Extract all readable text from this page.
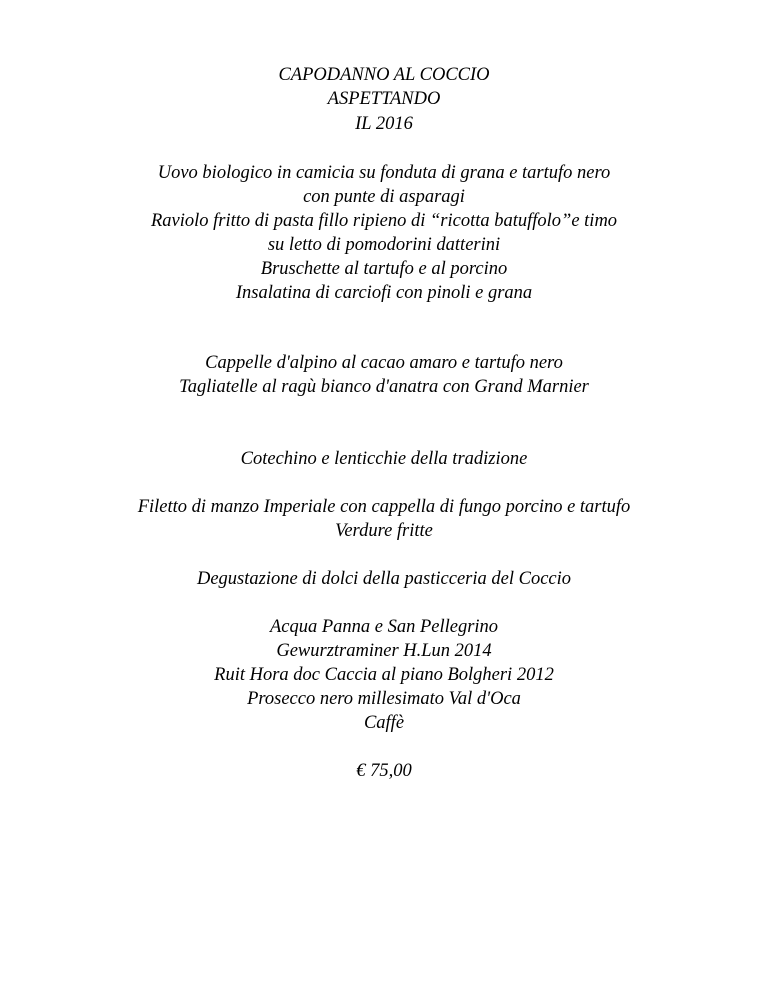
CAPODANNO AL COCCIO
ASPETTANDO
IL 2016
Uovo biologico in camicia su fonduta di grana e tartufo nero
con punte di asparagi
Raviolo fritto di pasta fillo ripieno di “ricotta batuffolo”e timo
su letto di pomodorini datterini
Bruschette al tartufo e al porcino
Insalatina di carciofi con pinoli e grana
Cappelle d'alpino al cacao amaro e tartufo nero
Tagliatelle al ragù bianco d'anatra con Grand Marnier
Cotechino e lenticchie della tradizione
Filetto di manzo Imperiale con cappella di fungo porcino e tartufo
Verdure fritte
Degustazione di dolci della pasticceria del Coccio
Acqua Panna e San Pellegrino
Gewurztraminer H.Lun 2014
Ruit Hora doc Caccia al piano Bolgheri 2012
Prosecco nero millesimato Val d'Oca
Caffè
€ 75,00
